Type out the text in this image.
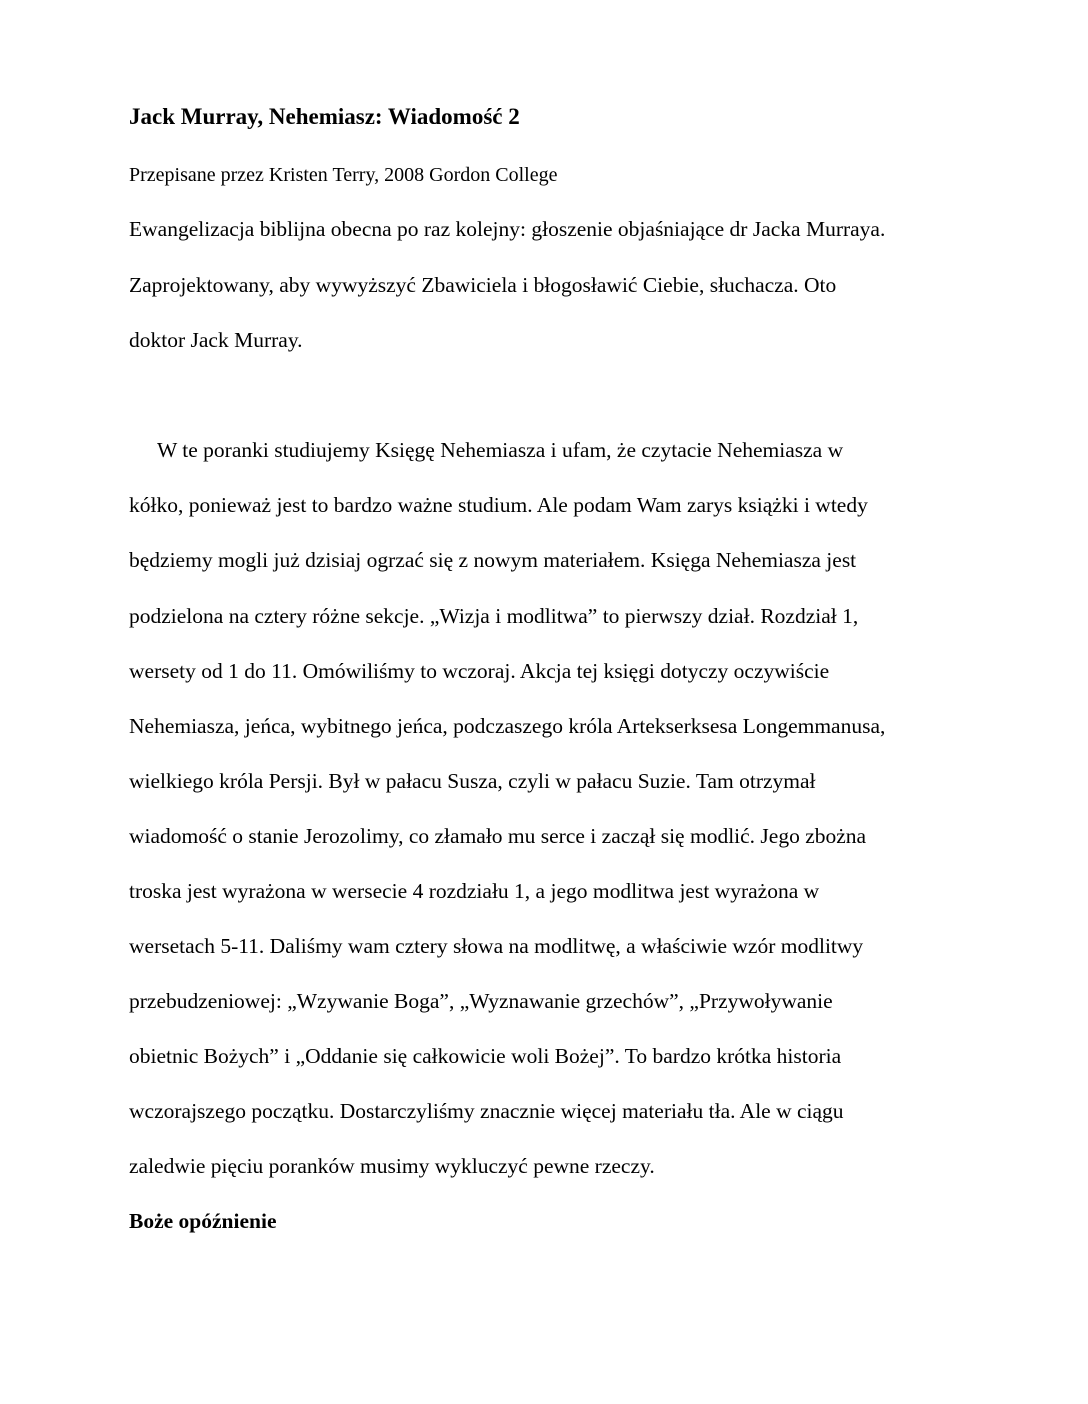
Jack Murray, Nehemiasz: Wiadomość 2

Przepisane przez Kristen Terry, 2008 Gordon College

Ewangelizacja biblijna obecna po raz kolejny: głoszenie objaśniające dr Jacka Murraya.

Zaprojektowany, aby wywyższyć Zbawiciela i błogosławić Ciebie, słuchacza. Oto

doktor Jack Murray.

W te poranki studiujemy Księgę Nehemiasza i ufam, że czytacie Nehemiasza w

kółko, ponieważ jest to bardzo ważne studium. Ale podam Wam zarys książki i wtedy

będziemy mogli już dzisiaj ogrzać się z nowym materiałem. Księga Nehemiasza jest

podzielona na cztery różne sekcje. „Wizja i modlitwa” to pierwszy dział. Rozdział 1,

wersety od 1 do 11. Omówiliśmy to wczoraj. Akcja tej księgi dotyczy oczywiście

Nehemiasza, jeńca, wybitnego jeńca, podczaszego króla Artekserksesa Longemmanusa,

wielkiego króla Persji. Był w pałacu Susza, czyli w pałacu Suzie. Tam otrzymał

wiadomość o stanie Jerozolimy, co złamało mu serce i zaczął się modlić. Jego zbożna

troska jest wyrażona w wersecie 4 rozdziału 1, a jego modlitwa jest wyrażona w

wersetach 5-11. Daliśmy wam cztery słowa na modlitwę, a właściwie wzór modlitwy

przebudzeniowej: „Wzywanie Boga”, „Wyznawanie grzechów”, „Przywoływanie

obietnic Bożych” i „Oddanie się całkowicie woli Bożej”. To bardzo krótka historia

wczorajszego początku. Dostarczyliśmy znacznie więcej materiału tła. Ale w ciągu

zaledwie pięciu poranków musimy wykluczyć pewne rzeczy.

Boże opóźnienie
